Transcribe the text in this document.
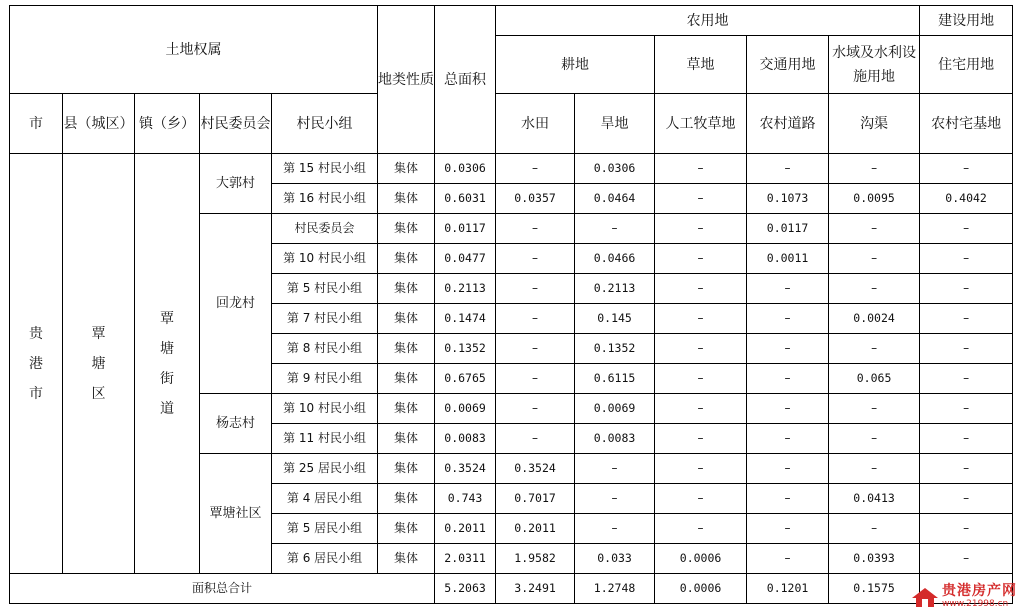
土地权属					地类性质	总面积	农用地					建设用地
							耕地		草地	交通用地	水域及水利设施用地	住宅用地
市	县（城区）	镇（乡）	村民委员会	村民小组			水田	旱地	人工牧草地	农村道路	沟渠	农村宅基地
贵港市	覃塘区	覃塘街道	大郭村	第 15 村民小组	集体	0.0306	–	0.0306	–	–	–	–
				第 16 村民小组	集体	0.6031	0.0357	0.0464	–	0.1073	0.0095	0.4042
			回龙村	村民委员会	集体	0.0117	–	–	–	0.0117	–	–
				第 10 村民小组	集体	0.0477	–	0.0466	–	0.0011	–	–
				第 5 村民小组	集体	0.2113	–	0.2113	–	–	–	–
				第 7 村民小组	集体	0.1474	–	0.145	–	–	0.0024	–
				第 8 村民小组	集体	0.1352	–	0.1352	–	–	–	–
				第 9 村民小组	集体	0.6765	–	0.6115	–	–	0.065	–
			杨志村	第 10 村民小组	集体	0.0069	–	0.0069	–	–	–	–
				第 11 村民小组	集体	0.0083	–	0.0083	–	–	–	–
			覃塘社区	第 25 居民小组	集体	0.3524	0.3524	–	–	–	–	–
				第 4 居民小组	集体	0.743	0.7017	–	–	–	0.0413	–
				第 5 居民小组	集体	0.2011	0.2011	–	–	–	–	–
				第 6 居民小组	集体	2.0311	1.9582	0.033	0.0006	–	0.0393	–
面积总合计						5.2063	3.2491	1.2748	0.0006	0.1201	0.1575		贵港房产网
www.21998.cn
